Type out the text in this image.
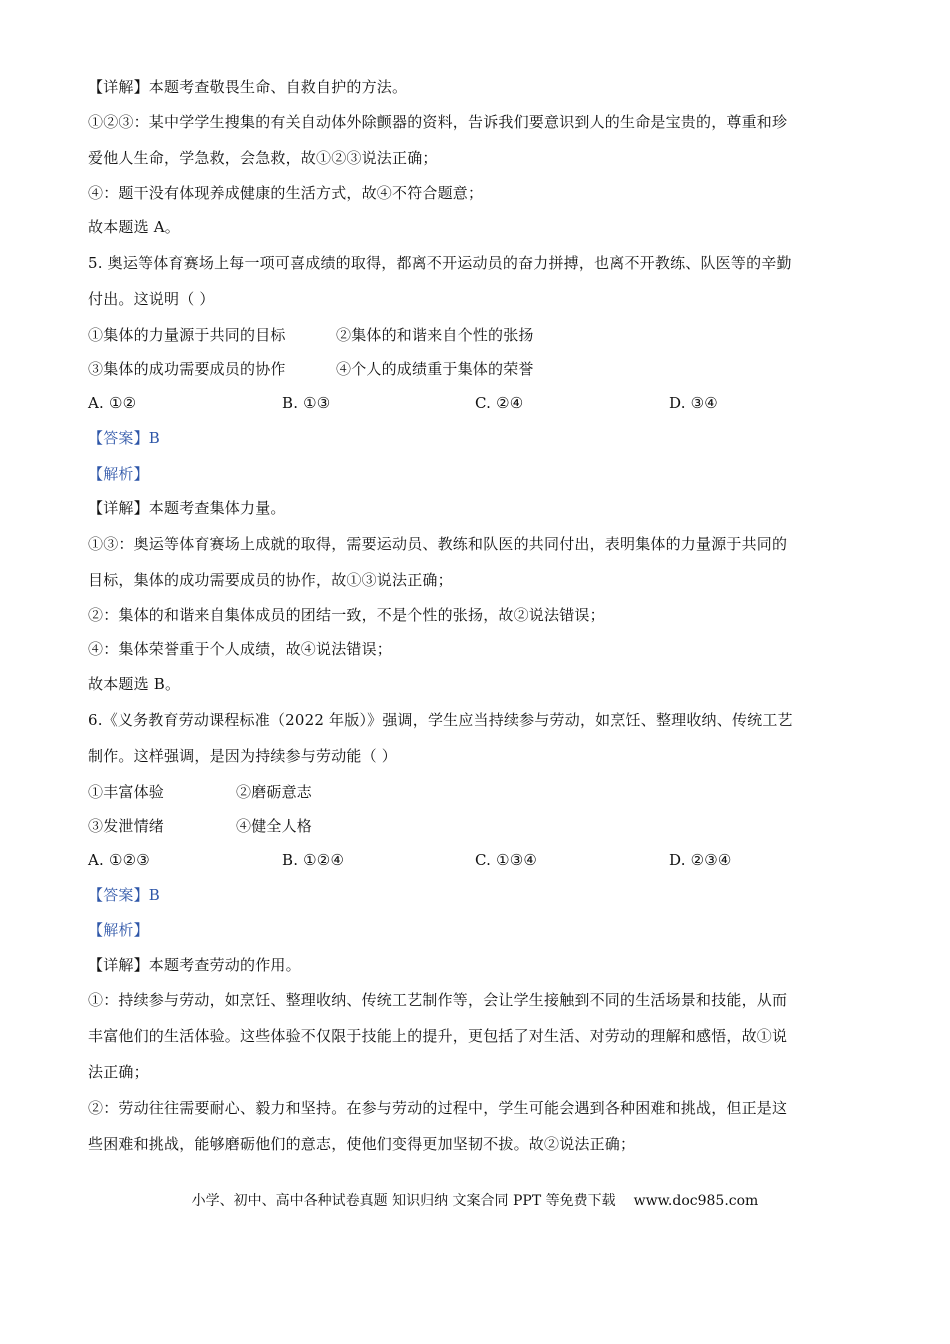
【详解】本题考查敬畏生命、自救自护的方法。
①②③：某中学学生搜集的有关自动体外除颤器的资料，告诉我们要意识到人的生命是宝贵的，尊重和珍
爱他人生命，学急救，会急救，故①②③说法正确；
④：题干没有体现养成健康的生活方式，故④不符合题意；
故本题选 A。
5. 奥运等体育赛场上每一项可喜成绩的取得，都离不开运动员的奋力拼搏，也离不开教练、队医等的辛勤
付出。这说明（ ）
①集体的力量源于共同的目标	②集体的和谐来自个性的张扬
③集体的成功需要成员的协作	④个人的成绩重于集体的荣誉
A. ①②	B. ①③	C. ②④	D. ③④
【答案】B
【解析】
【详解】本题考查集体力量。
①③：奥运等体育赛场上成就的取得，需要运动员、教练和队医的共同付出，表明集体的力量源于共同的
目标，集体的成功需要成员的协作，故①③说法正确；
②：集体的和谐来自集体成员的团结一致，不是个性的张扬，故②说法错误；
④：集体荣誉重于个人成绩，故④说法错误；
故本题选 B。
6.《义务教育劳动课程标准（2022 年版）》强调，学生应当持续参与劳动，如烹饪、整理收纳、传统工艺
制作。这样强调，是因为持续参与劳动能（ ）
①丰富体验	②磨砺意志
③发泄情绪	④健全人格
A. ①②③	B. ①②④	C. ①③④	D. ②③④
【答案】B
【解析】
【详解】本题考查劳动的作用。
①：持续参与劳动，如烹饪、整理收纳、传统工艺制作等，会让学生接触到不同的生活场景和技能，从而
丰富他们的生活体验。这些体验不仅限于技能上的提升，更包括了对生活、对劳动的理解和感悟，故①说
法正确；
②：劳动往往需要耐心、毅力和坚持。在参与劳动的过程中，学生可能会遇到各种困难和挑战，但正是这
些困难和挑战，能够磨砺他们的意志，使他们变得更加坚韧不拔。故②说法正确；
小学、初中、高中各种试卷真题 知识归纳 文案合同 PPT 等免费下载 www.doc985.com
